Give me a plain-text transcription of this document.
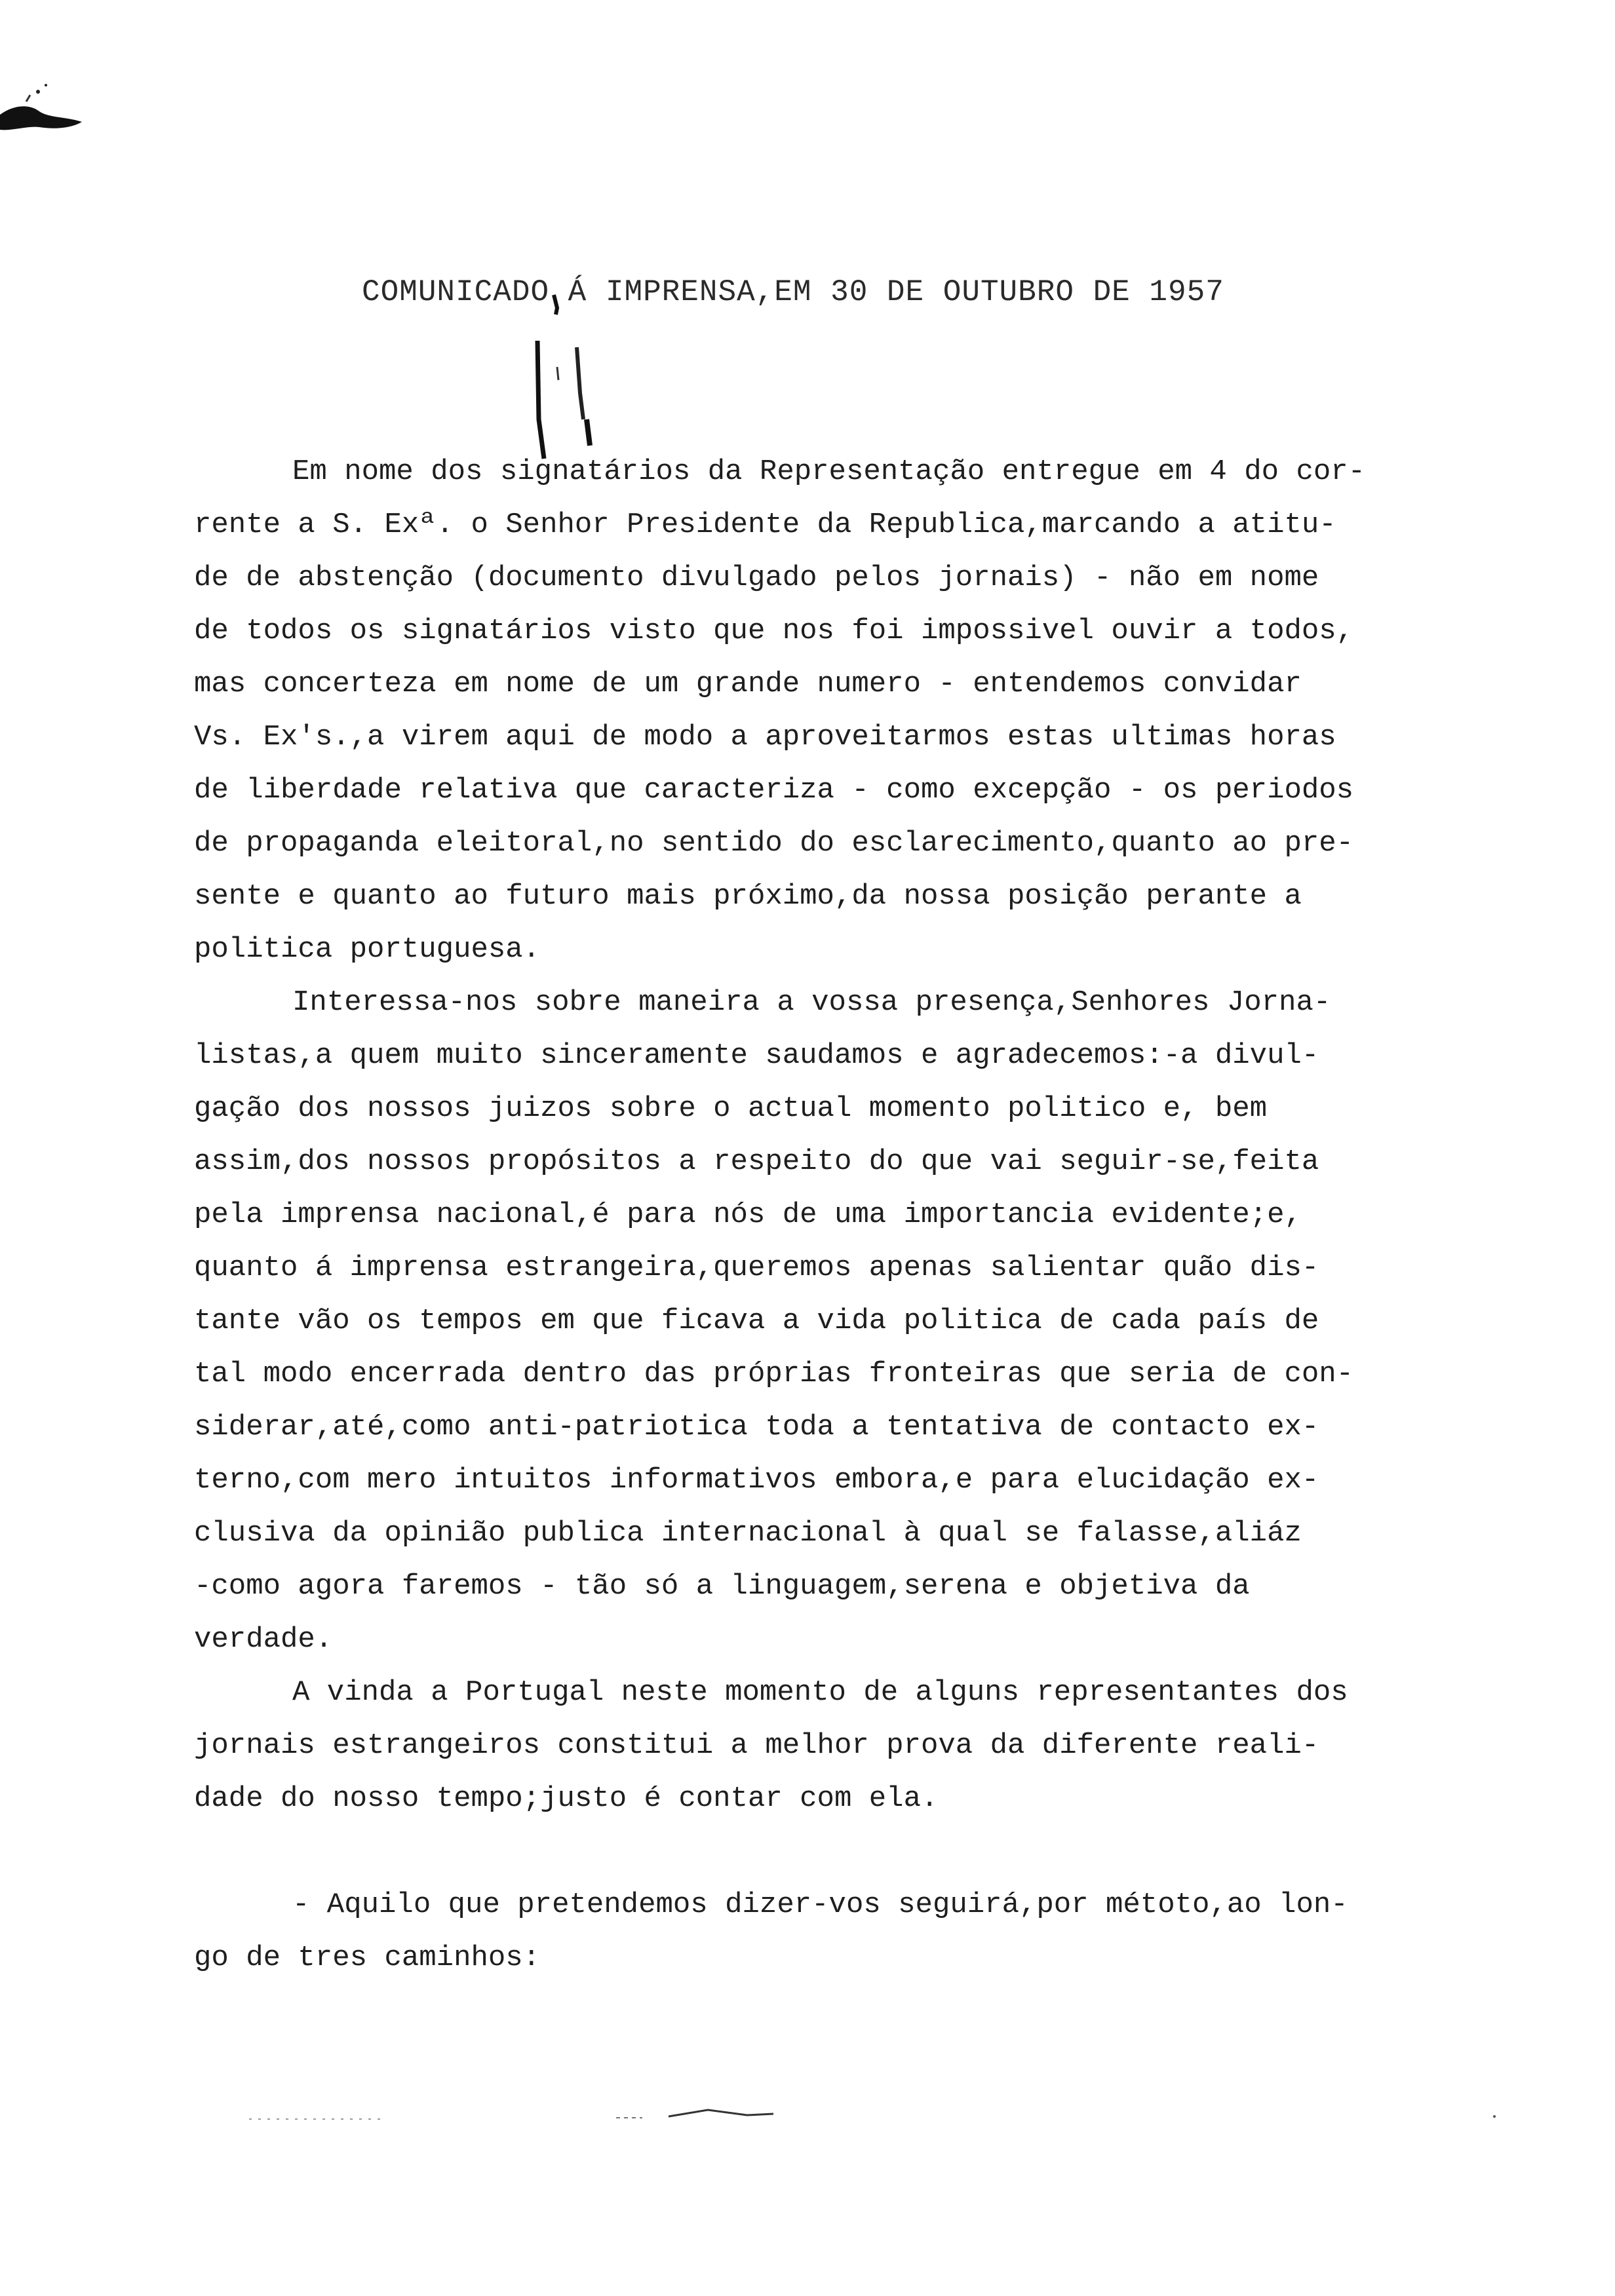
COMUNICADO Á IMPRENSA,EM 30 DE OUTUBRO DE 1957
Em nome dos signatários da Representação entregue em 4 do cor-
rente a S. Exª. o Senhor Presidente da Republica,marcando a atitu-
de de abstenção (documento divulgado pelos jornais) - não em nome
de todos os signatários visto que nos foi impossivel ouvir a todos,
mas concerteza em nome de um grande numero - entendemos convidar
Vs. Ex's.,a virem aqui de modo a aproveitarmos estas ultimas horas
de liberdade relativa que caracteriza - como excepção - os periodos
de propaganda eleitoral,no sentido do esclarecimento,quanto ao pre-
sente e quanto ao futuro mais próximo,da nossa posição perante a
politica portuguesa.
Interessa-nos sobre maneira a vossa presença,Senhores Jorna-
listas,a quem muito sinceramente saudamos e agradecemos:-a divul-
gação dos nossos juizos sobre o actual momento politico e, bem
assim,dos nossos propósitos a respeito do que vai seguir-se,feita
pela imprensa nacional,é para nós de uma importancia evidente;e,
quanto á imprensa estrangeira,queremos apenas salientar quão dis-
tante vão os tempos em que ficava a vida politica de cada país de
tal modo encerrada dentro das próprias fronteiras que seria de con-
siderar,até,como anti-patriotica toda a tentativa de contacto ex-
terno,com mero intuitos informativos embora,e para elucidação ex-
clusiva da opinião publica internacional à qual se falasse,aliáz
-como agora faremos - tão só a linguagem,serena e objetiva da
verdade.
A vinda a Portugal neste momento de alguns representantes dos
jornais estrangeiros constitui a melhor prova da diferente reali-
dade do nosso tempo;justo é contar com ela.
- Aquilo que pretendemos dizer-vos seguirá,por métoto,ao lon-
go de tres caminhos:
